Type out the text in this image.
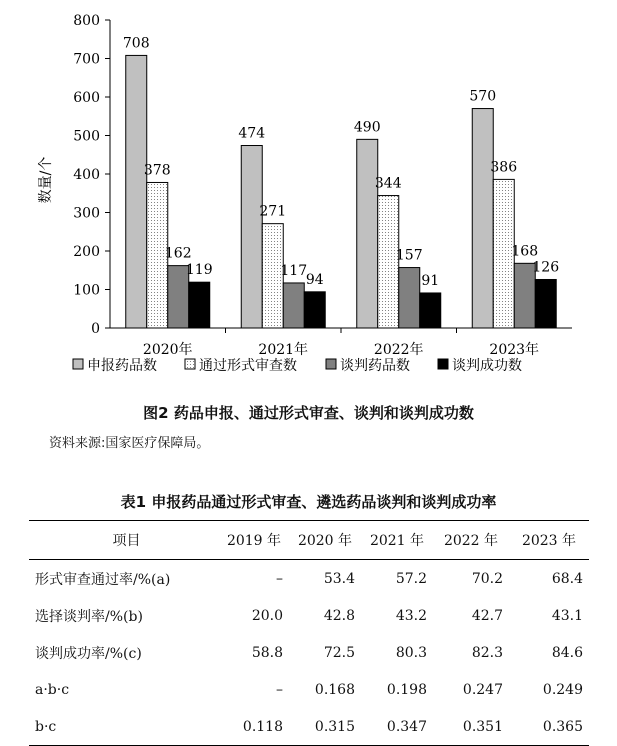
0
100
200
300
400
500
600
700
800
数量/个
2020年	2021年	2022年	2023年
708
378
162
119
474
271
117
94
490
344
157
91
570
386
168
126
申报药品数	通过形式审查数	谈判药品数	谈判成功数
图2 药品申报、通过形式审查、谈判和谈判成功数
资料来源:国家医疗保障局。
表1 申报药品通过形式审查、遴选药品谈判和谈判成功率
项目	2019 年	2020 年	2021 年	2022 年	2023 年
形式审查通过率/%(a)	–	53.4	57.2	70.2	68.4
选择谈判率/%(b)	20.0	42.8	43.2	42.7	43.1
谈判成功率/%(c)	58.8	72.5	80.3	82.3	84.6
a·b·c	–	0.168	0.198	0.247	0.249
b·c	0.118	0.315	0.347	0.351	0.365
